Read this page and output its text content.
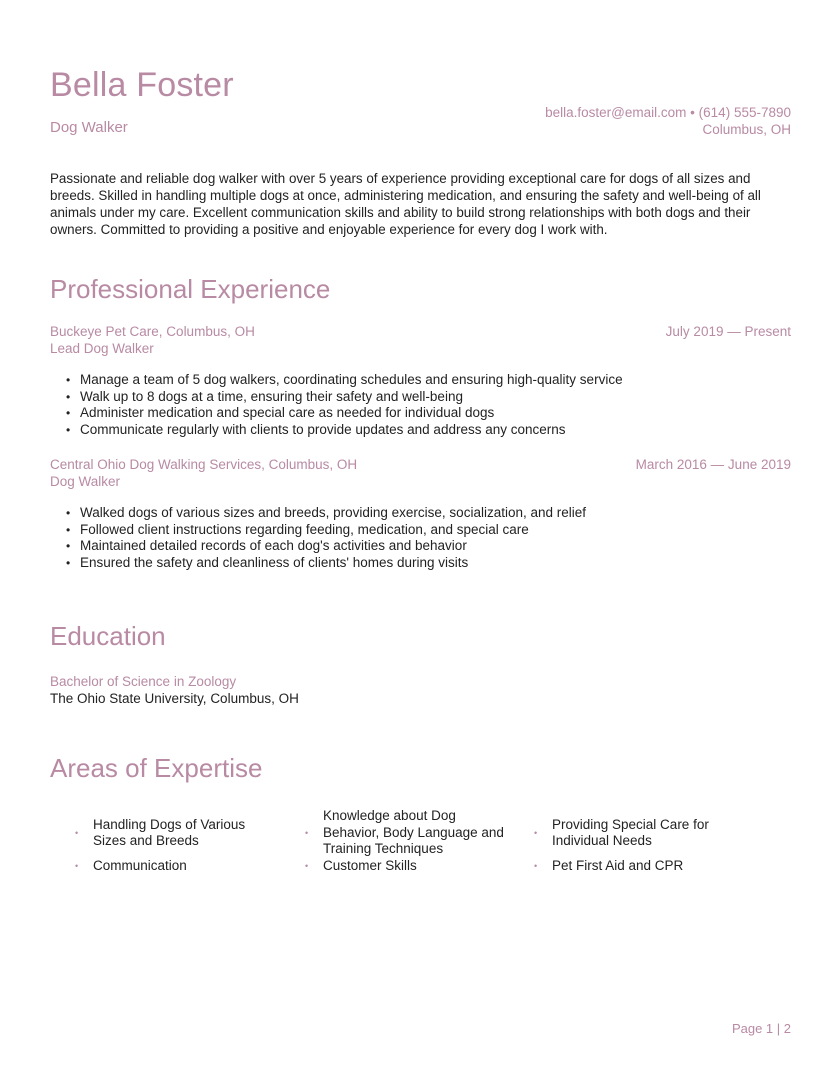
Bella Foster
Dog Walker
bella.foster@email.com • (614) 555-7890
Columbus, OH
Passionate and reliable dog walker with over 5 years of experience providing exceptional care for dogs of all sizes and breeds. Skilled in handling multiple dogs at once, administering medication, and ensuring the safety and well-being of all animals under my care. Excellent communication skills and ability to build strong relationships with both dogs and their owners. Committed to providing a positive and enjoyable experience for every dog I work with.
Professional Experience
Buckeye Pet Care, Columbus, OH	July 2019 — Present
Lead Dog Walker
• Manage a team of 5 dog walkers, coordinating schedules and ensuring high-quality service
• Walk up to 8 dogs at a time, ensuring their safety and well-being
• Administer medication and special care as needed for individual dogs
• Communicate regularly with clients to provide updates and address any concerns
Central Ohio Dog Walking Services, Columbus, OH	March 2016 — June 2019
Dog Walker
• Walked dogs of various sizes and breeds, providing exercise, socialization, and relief
• Followed client instructions regarding feeding, medication, and special care
• Maintained detailed records of each dog's activities and behavior
• Ensured the safety and cleanliness of clients' homes during visits
Education
Bachelor of Science in Zoology
The Ohio State University, Columbus, OH
Areas of Expertise
•
Handling Dogs of Various Sizes and Breeds
•
Knowledge about Dog Behavior, Body Language and Training Techniques
•
Providing Special Care for Individual Needs
•	Communication	•	Customer Skills	•	Pet First Aid and CPR
Page 1 | 2
